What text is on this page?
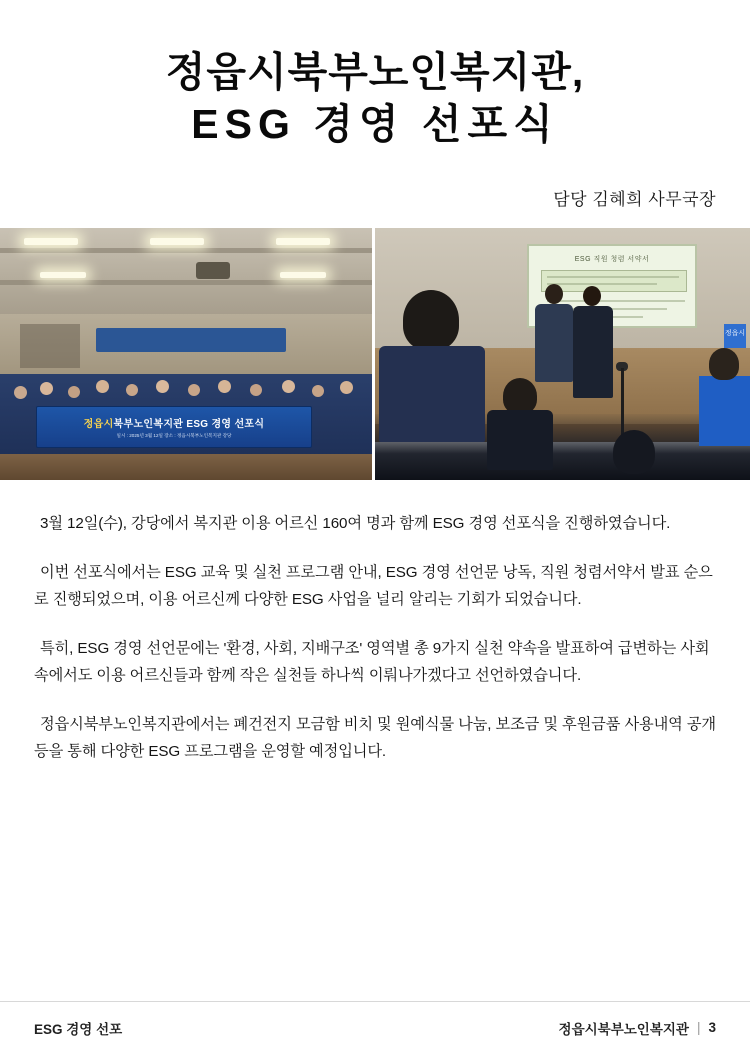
정읍시북부노인복지관,
ESG 경영 선포식
담당 김혜희 사무국장
정읍시북부노인복지관 ESG 경영 선포식
일시 : 2025년 3월 12일 장소 : 정읍시북부노인복지관 강당
ESG 직원 청렴 서약서
정읍시

3월 12일(수), 강당에서 복지관 이용 어르신 160여 명과 함께 ESG 경영 선포식을 진행하였습니다.

이번 선포식에서는 ESG 교육 및 실천 프로그램 안내, ESG 경영 선언문 낭독, 직원 청렴서약서 발표 순으로 진행되었으며, 이용 어르신께 다양한 ESG 사업을 널리 알리는 기회가 되었습니다.

특히, ESG 경영 선언문에는 '환경, 사회, 지배구조' 영역별 총 9가지 실천 약속을 발표하여 급변하는 사회속에서도 이용 어르신들과 함께 작은 실천들 하나씩 이뤄나가겠다고 선언하였습니다.

정읍시북부노인복지관에서는 폐건전지 모금함 비치 및 원예식물 나눔, 보조금 및 후원금품 사용내역 공개 등을 통해 다양한 ESG 프로그램을 운영할 예정입니다.

ESG 경영 선포	정읍시북부노인복지관 | 3
